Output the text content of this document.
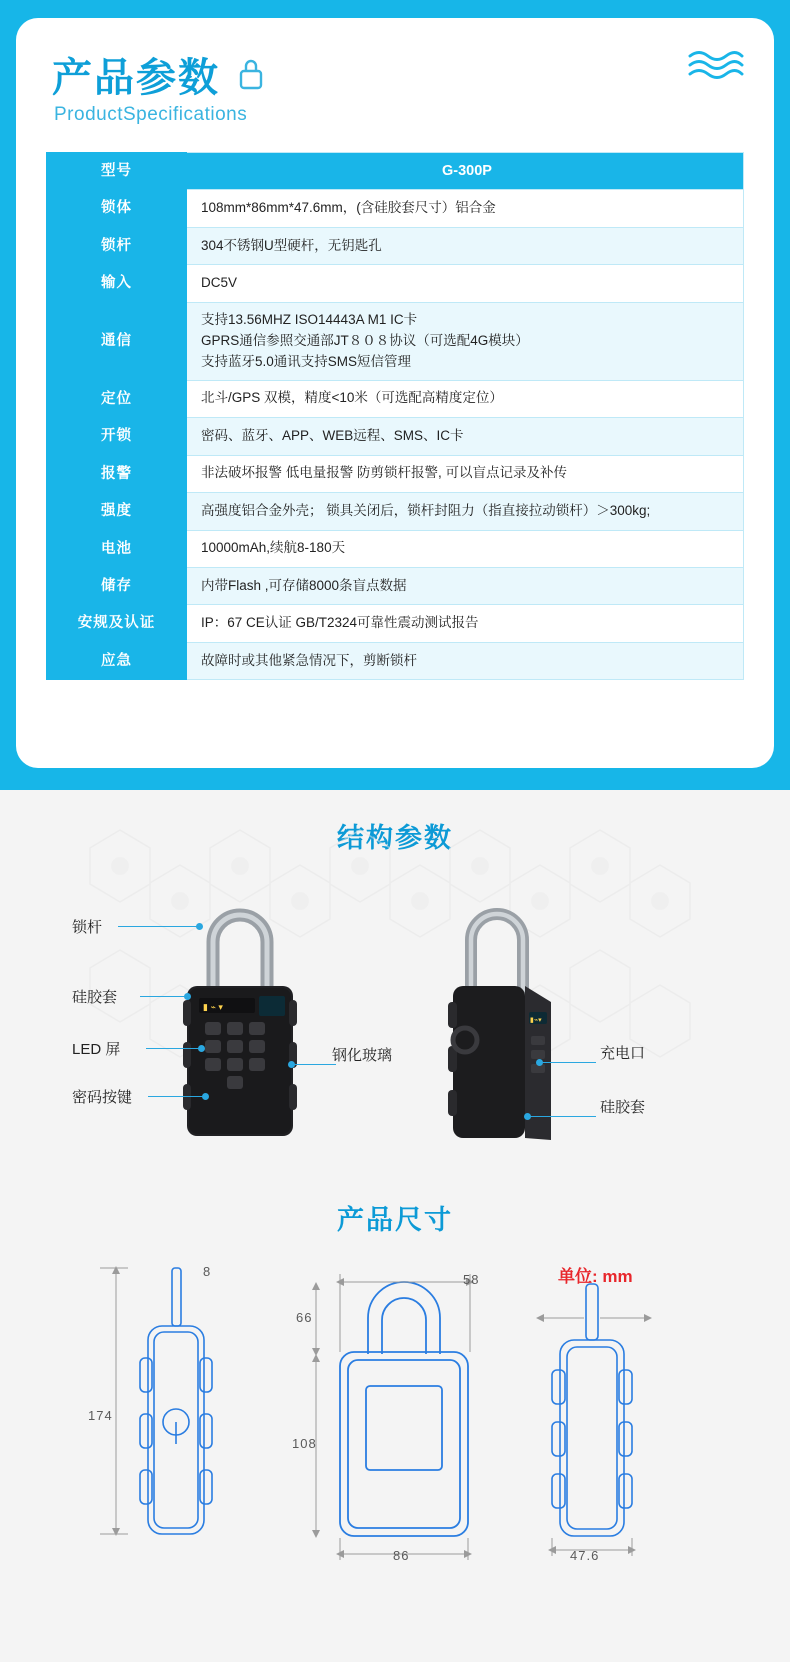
产品参数
ProductSpecifications
型号	G-300P

锁体	108mm*86mm*47.6mm，(含硅胶套尺寸）铝合金

锁杆	304不锈钢U型硬杆，无钥匙孔

输入	DC5V

通信	支持13.56MHZ ISO14443A M1 IC卡
GPRS通信参照交通部JT８０８协议（可选配4G模块）
支持蓝牙5.0通讯支持SMS短信管理

定位	北斗/GPS 双模，精度<10米（可选配高精度定位）

开锁	密码、蓝牙、APP、WEB远程、SMS、IC卡

报警	非法破坏报警 低电量报警 防剪锁杆报警, 可以盲点记录及补传

强度	高强度铝合金外壳； 锁具关闭后，锁杆封阻力（指直接拉动锁杆）＞300kg;

电池	10000mAh,续航8-180天

储存	内带Flash ,可存储8000条盲点数据

安规及认证	IP：67 CE认证 GB/T2324可靠性震动测试报告

应急	故障时或其他紧急情况下，剪断锁杆
结构参数
▮ ⌁ ▾
▮⌁▾
锁杆
硅胶套
LED 屏
密码按键
钢化玻璃	充电口
硅胶套
产品尺寸
单位: mm
8
174
58
66
108
86	47.6
